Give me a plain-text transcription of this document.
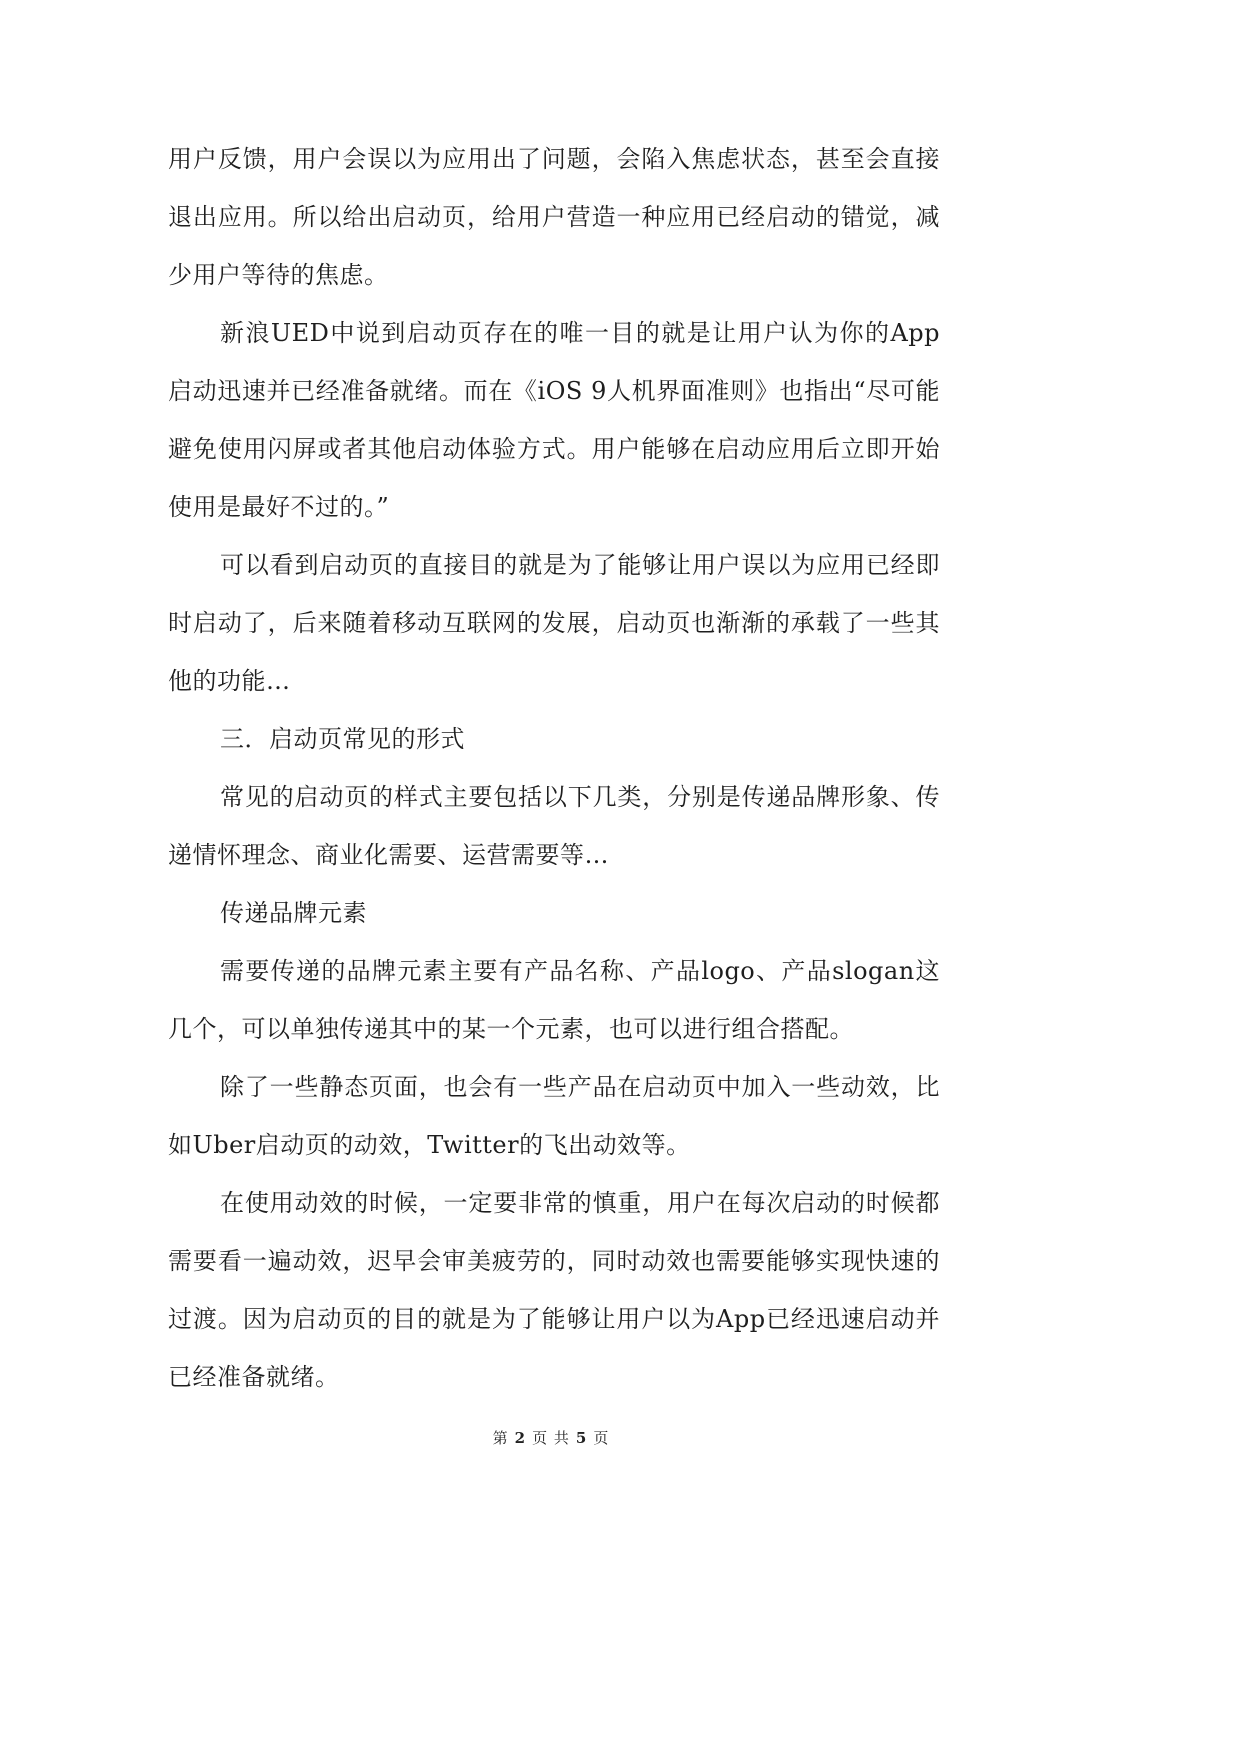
用户反馈，用户会误以为应用出了问题，会陷入焦虑状态，甚至会直接退出应用。所以给出启动页，给用户营造一种应用已经启动的错觉，减少用户等待的焦虑。

新浪UED中说到启动页存在的唯一目的就是让用户认为你的App启动迅速并已经准备就绪。而在《iOS 9人机界面准则》也指出“尽可能避免使用闪屏或者其他启动体验方式。用户能够在启动应用后立即开始使用是最好不过的。”

可以看到启动页的直接目的就是为了能够让用户误以为应用已经即时启动了，后来随着移动互联网的发展，启动页也渐渐的承载了一些其他的功能…

三．启动页常见的形式

常见的启动页的样式主要包括以下几类，分别是传递品牌形象、传递情怀理念、商业化需要、运营需要等…

传递品牌元素

需要传递的品牌元素主要有产品名称、产品logo、产品slogan这几个，可以单独传递其中的某一个元素，也可以进行组合搭配。

除了一些静态页面，也会有一些产品在启动页中加入一些动效，比如Uber启动页的动效，Twitter的飞出动效等。

在使用动效的时候，一定要非常的慎重，用户在每次启动的时候都需要看一遍动效，迟早会审美疲劳的，同时动效也需要能够实现快速的过渡。因为启动页的目的就是为了能够让用户以为App已经迅速启动并已经准备就绪。

第 2 页 共 5 页
